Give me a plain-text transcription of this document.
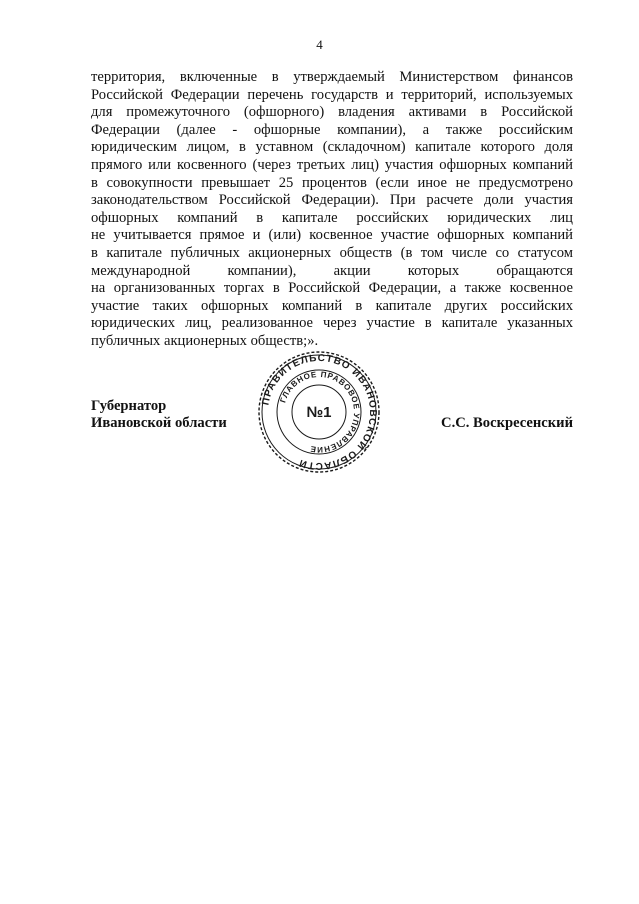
4
территория, включенные в утверждаемый Министерством финансов
Российской Федерации перечень государств и территорий, используемых
для промежуточного (офшорного) владения активами в Российской
Федерации (далее - офшорные компании), а также российским
юридическим лицом, в уставном (складочном) капитале которого доля
прямого или косвенного (через третьих лиц) участия офшорных компаний
в совокупности превышает 25 процентов (если иное не предусмотрено
законодательством Российской Федерации). При расчете доли участия
офшорных компаний в капитале российских юридических лиц
не учитывается прямое и (или) косвенное участие офшорных компаний
в капитале публичных акционерных обществ (в том числе со статусом
международной компании), акции которых обращаются
на организованных торгах в Российской Федерации, а также косвенное
участие таких офшорных компаний в капитале других российских
юридических лиц, реализованное через участие в капитале указанных
публичных акционерных обществ;».
Губернатор
Ивановской области
ПРАВИТЕЛЬСТВО ИВАНОВСКОЙ ОБЛАСТИ
ГЛАВНОЕ ПРАВОВОЕ УПРАВЛЕНИЕ
№1
С.С. Воскресенский
